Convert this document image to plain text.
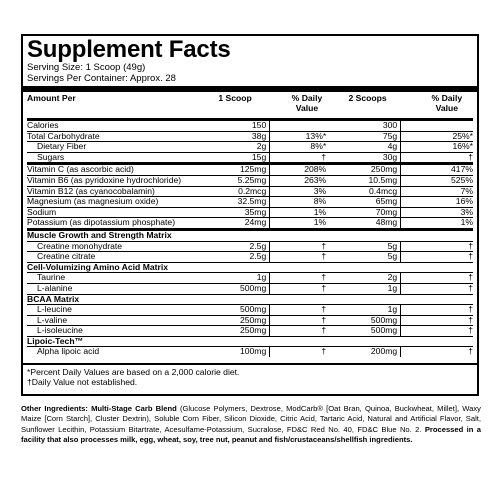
Supplement Facts
Serving Size: 1 Scoop (49g)
Servings Per Container: Approx. 28
Amount Per	1 Scoop	% Daily Value	2 Scoops	% Daily Value

Calories	150		300	
Total Carbohydrate	38g	13%*	75g	25%*
Dietary Fiber	2g	8%*	4g	16%*
Sugars	15g	†	30g	†
Vitamin C (as ascorbic acid)	125mg	208%	250mg	417%
Vitamin B6 (as pyridoxine hydrochloride)	5.25mg	263%	10.5mg	525%
Vitamin B12 (as cyanocobalamin)	0.2mcg	3%	0.4mcg	7%
Magnesium (as magnesium oxide)	32.5mg	8%	65mg	16%
Sodium	35mg	1%	70mg	3%
Potassium (as dipotassium phosphate)	24mg	1%	48mg	1%
Muscle Growth and Strength Matrix				
Creatine monohydrate	2.5g	†	5g	†
Creatine citrate	2.5g	†	5g	†
Cell-Volumizing Amino Acid Matrix				
Taurine	1g	†	2g	†
L-alanine	500mg	†	1g	†
BCAA Matrix				
L-leucine	500mg	†	1g	†
L-valine	250mg	†	500mg	†
L-isoleucine	250mg	†	500mg	†
Lipoic-Tech™				
Alpha lipoic acid	100mg	†	200mg	†
*Percent Daily Values are based on a 2,000 calorie diet.
†Daily Value not established.
Other Ingredients: Multi-Stage Carb Blend (Glucose Polymers, Dextrose, ModCarb® [Oat Bran, Quinoa, Buckwheat, Millet], Waxy Maize [Corn Starch], Cluster Dextrin), Soluble Corn Fiber, Silicon Dioxide, Citric Acid, Tartaric Acid, Natural and Artificial Flavor, Salt, Sunflower Lecithin, Potassium Bitartrate, Acesulfame-Potassium, Sucralose, FD&C Red No. 40, FD&C Blue No. 2. Processed in a facility that also processes milk, egg, wheat, soy, tree nut, peanut and fish/crustaceans/shellfish ingredients.
